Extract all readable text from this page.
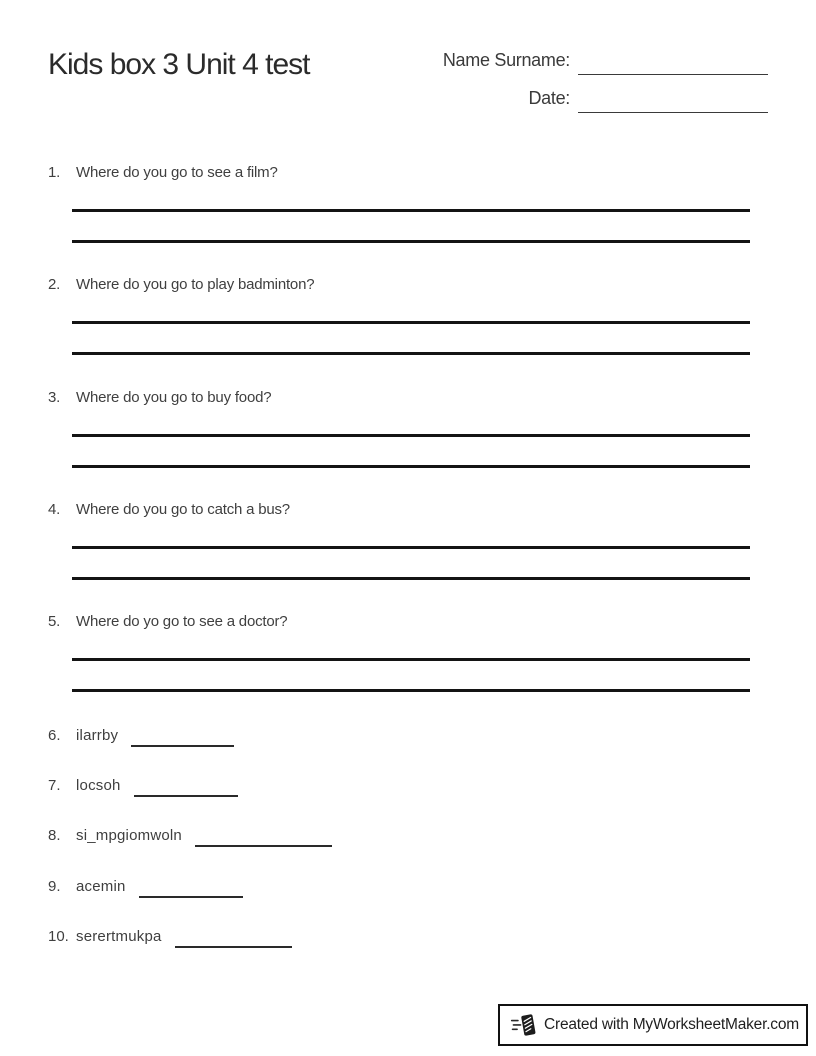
Kids box 3 Unit 4 test	Name Surname:
Date:
1.	Where do you go to see a film?
2.	Where do you go to play badminton?
3.	Where do you go to buy food?
4.	Where do you go to catch a bus?
5.	Where do yo go to see a doctor?
6.	ilarrby
7.	locsoh
8.	si_mpgiomwoln
9.	acemin
10. serertmukpa
Created with MyWorksheetMaker.com
